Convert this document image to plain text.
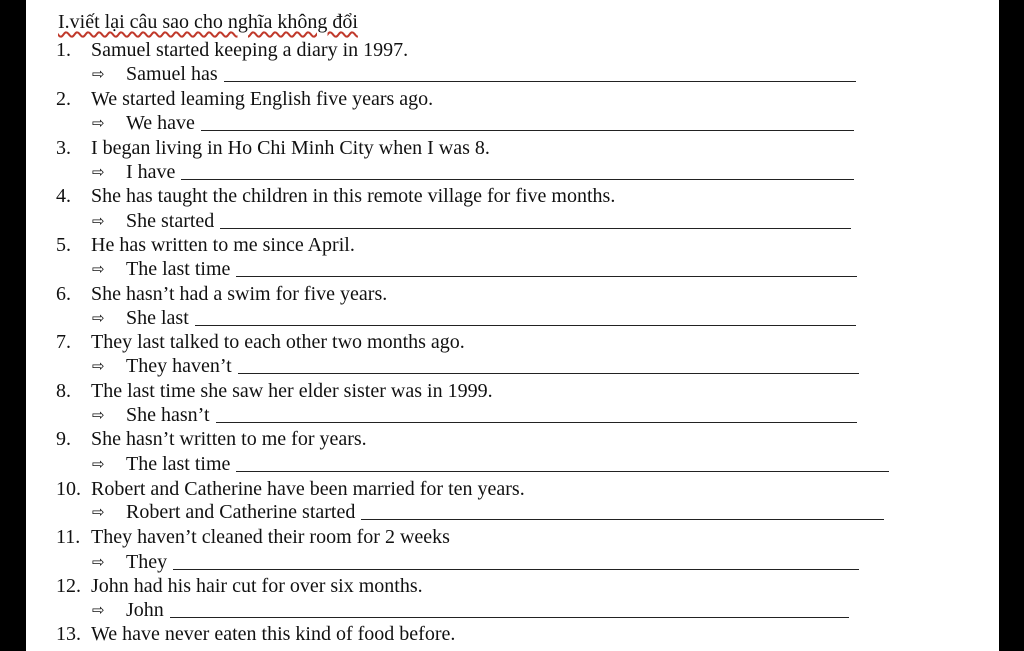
I.viết lại câu sao cho nghĩa không đổi
1. Samuel started keeping a diary in 1997.
⇨ Samuel has
2. We started leaming English five years ago.
⇨ We have
3. I began living in Ho Chi Minh City when I was 8.
⇨ I have
4. She has taught the children in this remote village for five months.
⇨ She started
5. He has written to me since April.
⇨ The last time
6. She hasn’t had a swim for five years.
⇨ She last
7. They last talked to each other two months ago.
⇨ They haven’t
8. The last time she saw her elder sister was in 1999.
⇨ She hasn’t
9. She hasn’t written to me for years.
⇨ The last time
10. Robert and Catherine have been married for ten years.
⇨ Robert and Catherine started
11. They haven’t cleaned their room for 2 weeks
⇨ They
12. John had his hair cut for over six months.
⇨ John
13. We have never eaten this kind of food before.
